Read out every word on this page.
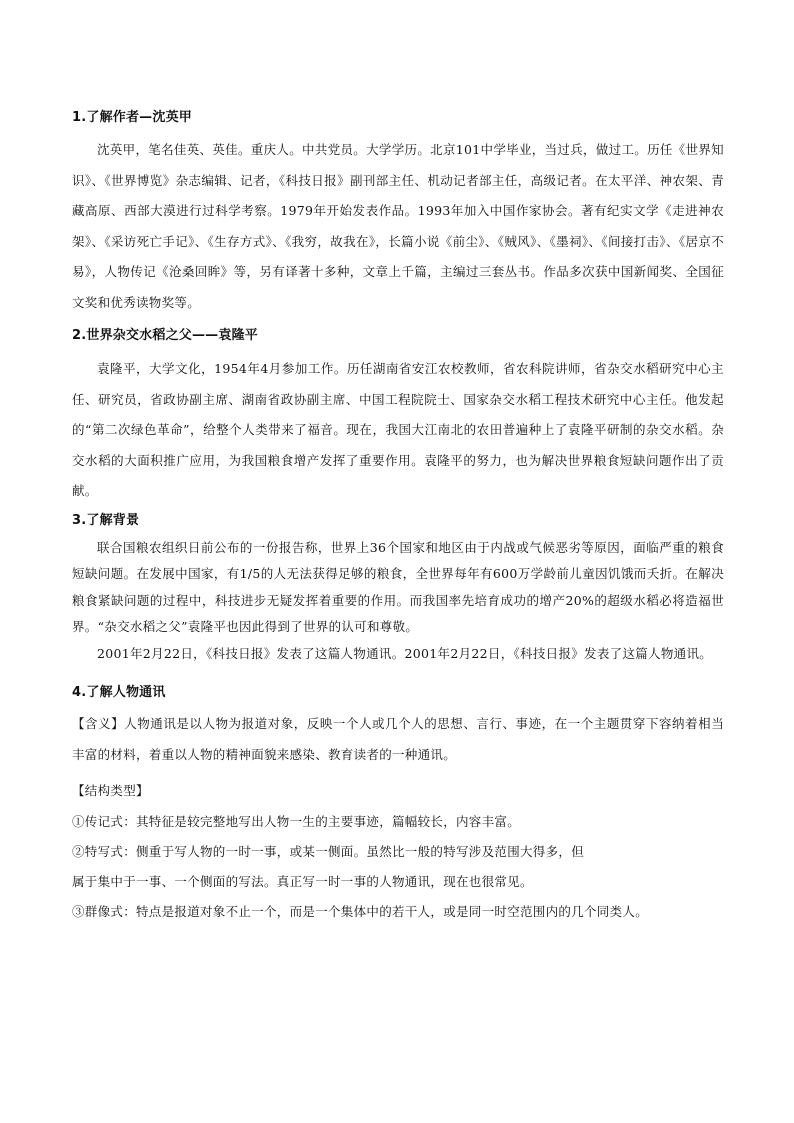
1.了解作者—沈英甲

沈英甲，笔名佳英、英佳。重庆人。中共党员。大学学历。北京101中学毕业，当过兵，做过工。历任《世界知识》、《世界博览》杂志编辑、记者，《科技日报》副刊部主任、机动记者部主任，高级记者。在太平洋、神农架、青藏高原、西部大漠进行过科学考察。1979年开始发表作品。1993年加入中国作家协会。著有纪实文学《走进神农架》、《采访死亡手记》、《生存方式》、《我穷，故我在》，长篇小说《前尘》、《贼风》、《墨祠》、《间接打击》、《居京不易》，人物传记《沧桑回眸》等，另有译著十多种，文章上千篇，主编过三套丛书。作品多次获中国新闻奖、全国征文奖和优秀读物奖等。

2.世界杂交水稻之父——袁隆平

袁隆平，大学文化，1954年4月参加工作。历任湖南省安江农校教师，省农科院讲师，省杂交水稻研究中心主任、研究员，省政协副主席、湖南省政协副主席、中国工程院院士、国家杂交水稻工程技术研究中心主任。他发起的“第二次绿色革命”，给整个人类带来了福音。现在，我国大江南北的农田普遍种上了袁隆平研制的杂交水稻。杂交水稻的大面积推广应用，为我国粮食增产发挥了重要作用。袁隆平的努力，也为解决世界粮食短缺问题作出了贡献。

3.了解背景

联合国粮农组织日前公布的一份报告称，世界上36个国家和地区由于内战或气候恶劣等原因，面临严重的粮食短缺问题。在发展中国家，有1/5的人无法获得足够的粮食，全世界每年有600万学龄前儿童因饥饿而夭折。在解决粮食紧缺问题的过程中，科技进步无疑发挥着重要的作用。而我国率先培育成功的增产20%的超级水稻必将造福世界。“杂交水稻之父”袁隆平也因此得到了世界的认可和尊敬。

2001年2月22日，《科技日报》发表了这篇人物通讯。2001年2月22日，《科技日报》发表了这篇人物通讯。

4.了解人物通讯

【含义】人物通讯是以人物为报道对象，反映一个人或几个人的思想、言行、事迹，在一个主题贯穿下容纳着相当丰富的材料，着重以人物的精神面貌来感染、教育读者的一种通讯。

【结构类型】

①传记式：其特征是较完整地写出人物一生的主要事迹，篇幅较长，内容丰富。

②特写式：侧重于写人物的一时一事，或某一侧面。虽然比一般的特写涉及范围大得多，但

属于集中于一事、一个侧面的写法。真正写一时一事的人物通讯，现在也很常见。

③群像式：特点是报道对象不止一个，而是一个集体中的若干人，或是同一时空范围内的几个同类人。
